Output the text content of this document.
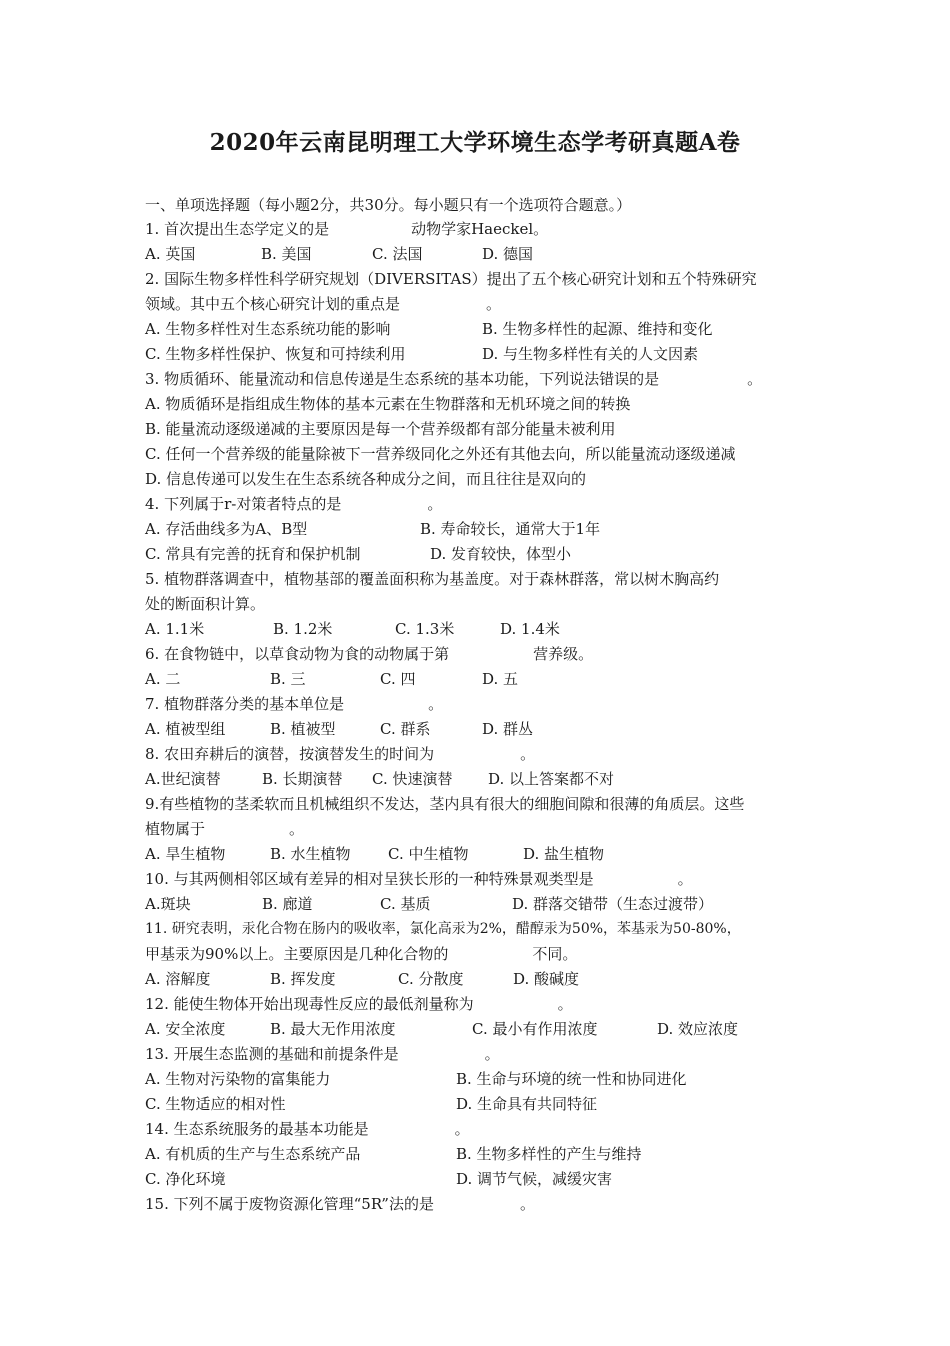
2020年云南昆明理工大学环境生态学考研真题A卷
一、单项选择题（每小题2分，共30分。每小题只有一个选项符合题意。）
1. 首次提出生态学定义的是	动物学家Haeckel。
A. 英国	B. 美国	C. 法国	D. 德国
2. 国际生物多样性科学研究规划（DIVERSITAS）提出了五个核心研究计划和五个特殊研究
领域。其中五个核心研究计划的重点是	。
A. 生物多样性对生态系统功能的影响	B. 生物多样性的起源、维持和变化
C. 生物多样性保护、恢复和可持续利用	D. 与生物多样性有关的人文因素
3. 物质循环、能量流动和信息传递是生态系统的基本功能，下列说法错误的是	。
A. 物质循环是指组成生物体的基本元素在生物群落和无机环境之间的转换
B. 能量流动逐级递减的主要原因是每一个营养级都有部分能量未被利用
C. 任何一个营养级的能量除被下一营养级同化之外还有其他去向，所以能量流动逐级递减
D. 信息传递可以发生在生态系统各种成分之间，而且往往是双向的
4. 下列属于r-对策者特点的是	。
A. 存活曲线多为A、B型	B. 寿命较长，通常大于1年
C. 常具有完善的抚育和保护机制	D. 发育较快，体型小
5. 植物群落调查中，植物基部的覆盖面积称为基盖度。对于森林群落，常以树木胸高约
处的断面积计算。
A. 1.1米	B. 1.2米	C. 1.3米	D. 1.4米
6. 在食物链中，以草食动物为食的动物属于第	营养级。
A. 二	B. 三	C. 四	D. 五
7. 植物群落分类的基本单位是	。
A. 植被型组	B. 植被型	C. 群系	D. 群丛
8. 农田弃耕后的演替，按演替发生的时间为	。
A.世纪演替	B. 长期演替 C. 快速演替 D. 以上答案都不对
9.有些植物的茎柔软而且机械组织不发达，茎内具有很大的细胞间隙和很薄的角质层。这些
植物属于	。
A. 旱生植物	B. 水生植物 C. 中生植物	D. 盐生植物
10. 与其两侧相邻区域有差异的相对呈狭长形的一种特殊景观类型是	。
A.斑块	B. 廊道	C. 基质	D. 群落交错带（生态过渡带）
11. 研究表明，汞化合物在肠内的吸收率，氯化高汞为2%，醋醇汞为50%，苯基汞为50-80%，
甲基汞为90%以上。主要原因是几种化合物的	不同。
A. 溶解度	B. 挥发度	C. 分散度	D. 酸碱度
12. 能使生物体开始出现毒性反应的最低剂量称为	。
A. 安全浓度	B. 最大无作用浓度	C. 最小有作用浓度	D. 效应浓度
13. 开展生态监测的基础和前提条件是	。
A. 生物对污染物的富集能力	B. 生命与环境的统一性和协同进化
C. 生物适应的相对性	D. 生命具有共同特征
14. 生态系统服务的最基本功能是	。
A. 有机质的生产与生态系统产品	B. 生物多样性的产生与维持
C. 净化环境	D. 调节气候，减缓灾害
15. 下列不属于废物资源化管理“5R”法的是	。
